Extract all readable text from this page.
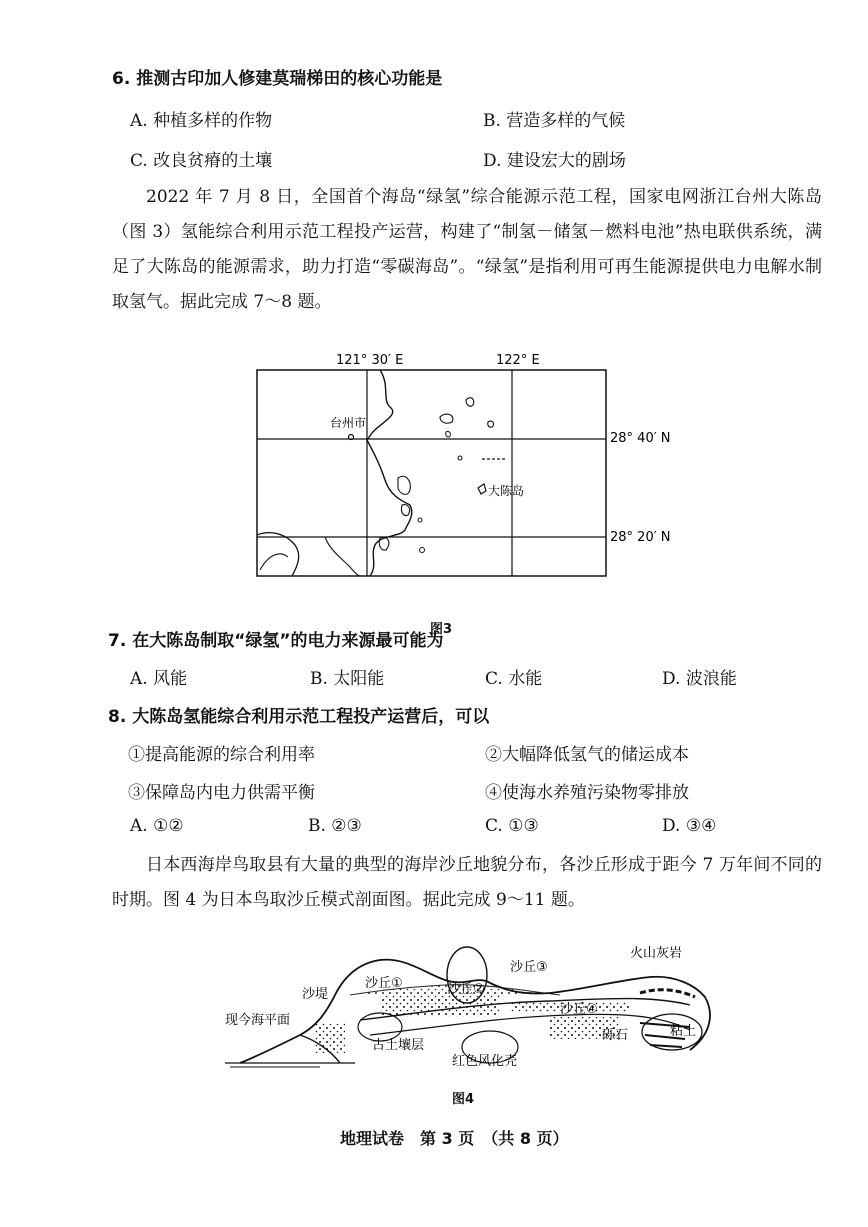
6. 推测古印加人修建莫瑞梯田的核心功能是
A. 种植多样的作物	B. 营造多样的气候
C. 改良贫瘠的土壤	D. 建设宏大的剧场

2022 年 7 月 8 日，全国首个海岛“绿氢”综合能源示范工程，国家电网浙江台州大陈岛（图 3）氢能综合利用示范工程投产运营，构建了“制氢－储氢－燃料电池”热电联供系统，满足了大陈岛的能源需求，助力打造“零碳海岛”。“绿氢”是指利用可再生能源提供电力电解水制取氢气。据此完成 7～8 题。

121° 30′ E	122° E
28° 40′ N
28° 20′ N
台州市
大陈岛
图3
7. 在大陈岛制取“绿氢”的电力来源最可能为
A. 风能	B. 太阳能	C. 水能	D. 波浪能
8. 大陈岛氢能综合利用示范工程投产运营后，可以
①提高能源的综合利用率	②大幅降低氢气的储运成本
③保障岛内电力供需平衡	④使海水养殖污染物零排放
A. ①②	B. ②③	C. ①③	D. ③④

日本西海岸鸟取县有大量的典型的海岸沙丘地貌分布，各沙丘形成于距今 7 万年间不同的时期。图 4 为日本鸟取沙丘模式剖面图。据此完成 9～11 题。

现今海平面
沙堤
沙丘①	沙丘②
沙丘③
火山灰岩
沙丘④
古土壤层
红色风化壳
砾石	粘土
图4
地理试卷　第 3 页　（共 8 页）
